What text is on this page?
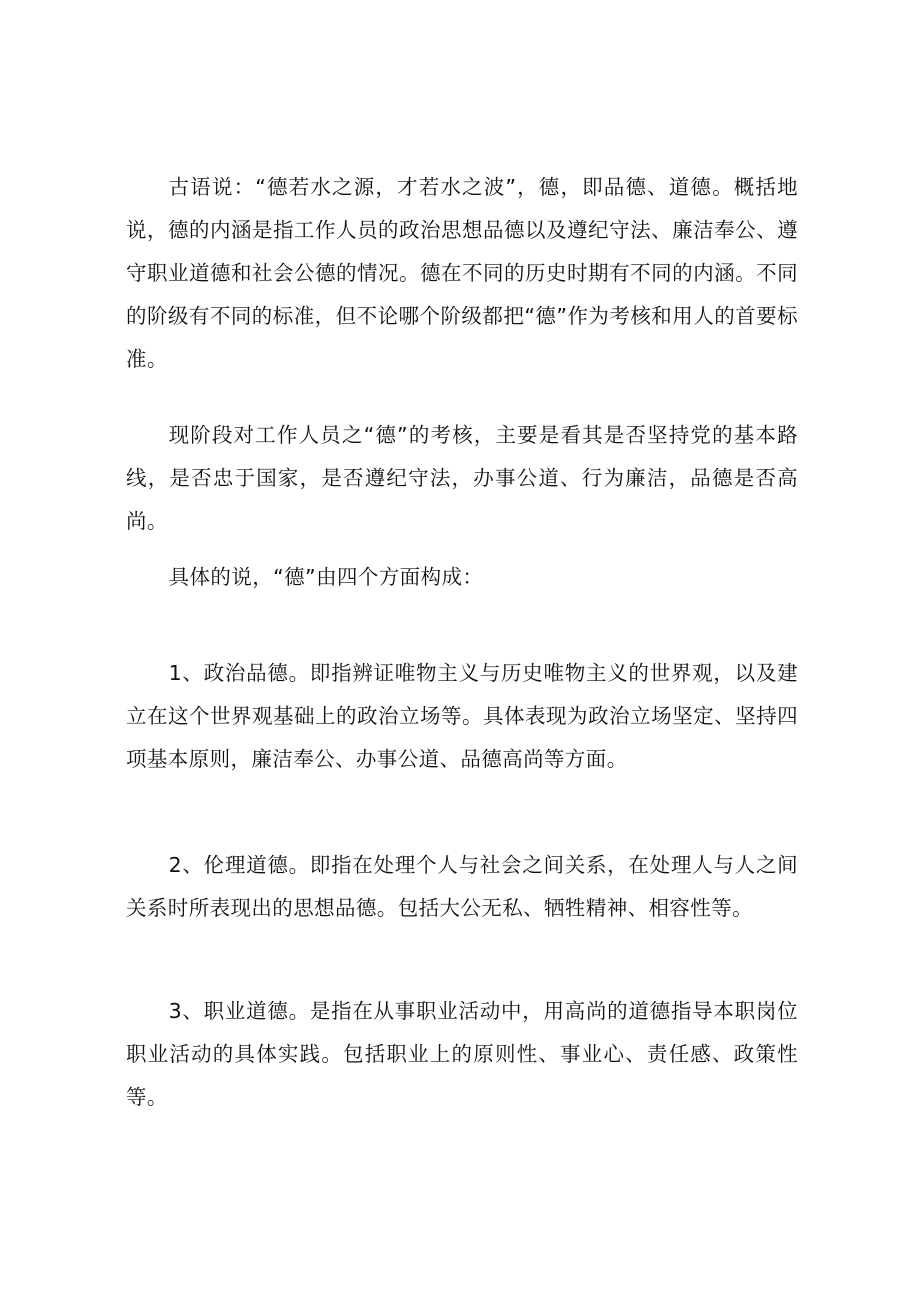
古语说：“德若水之源，才若水之波”，德，即品德、道德。概括地说，德的内涵是指工作人员的政治思想品德以及遵纪守法、廉洁奉公、遵守职业道德和社会公德的情况。德在不同的历史时期有不同的内涵。不同的阶级有不同的标准，但不论哪个阶级都把“德”作为考核和用人的首要标准。

现阶段对工作人员之“德”的考核，主要是看其是否坚持党的基本路线，是否忠于国家，是否遵纪守法，办事公道、行为廉洁，品德是否高尚。

具体的说，“德”由四个方面构成：

1、政治品德。即指辨证唯物主义与历史唯物主义的世界观，以及建立在这个世界观基础上的政治立场等。具体表现为政治立场坚定、坚持四项基本原则，廉洁奉公、办事公道、品德高尚等方面。

2、伦理道德。即指在处理个人与社会之间关系，在处理人与人之间关系时所表现出的思想品德。包括大公无私、牺牲精神、相容性等。

3、职业道德。是指在从事职业活动中，用高尚的道德指导本职岗位职业活动的具体实践。包括职业上的原则性、事业心、责任感、政策性等。
